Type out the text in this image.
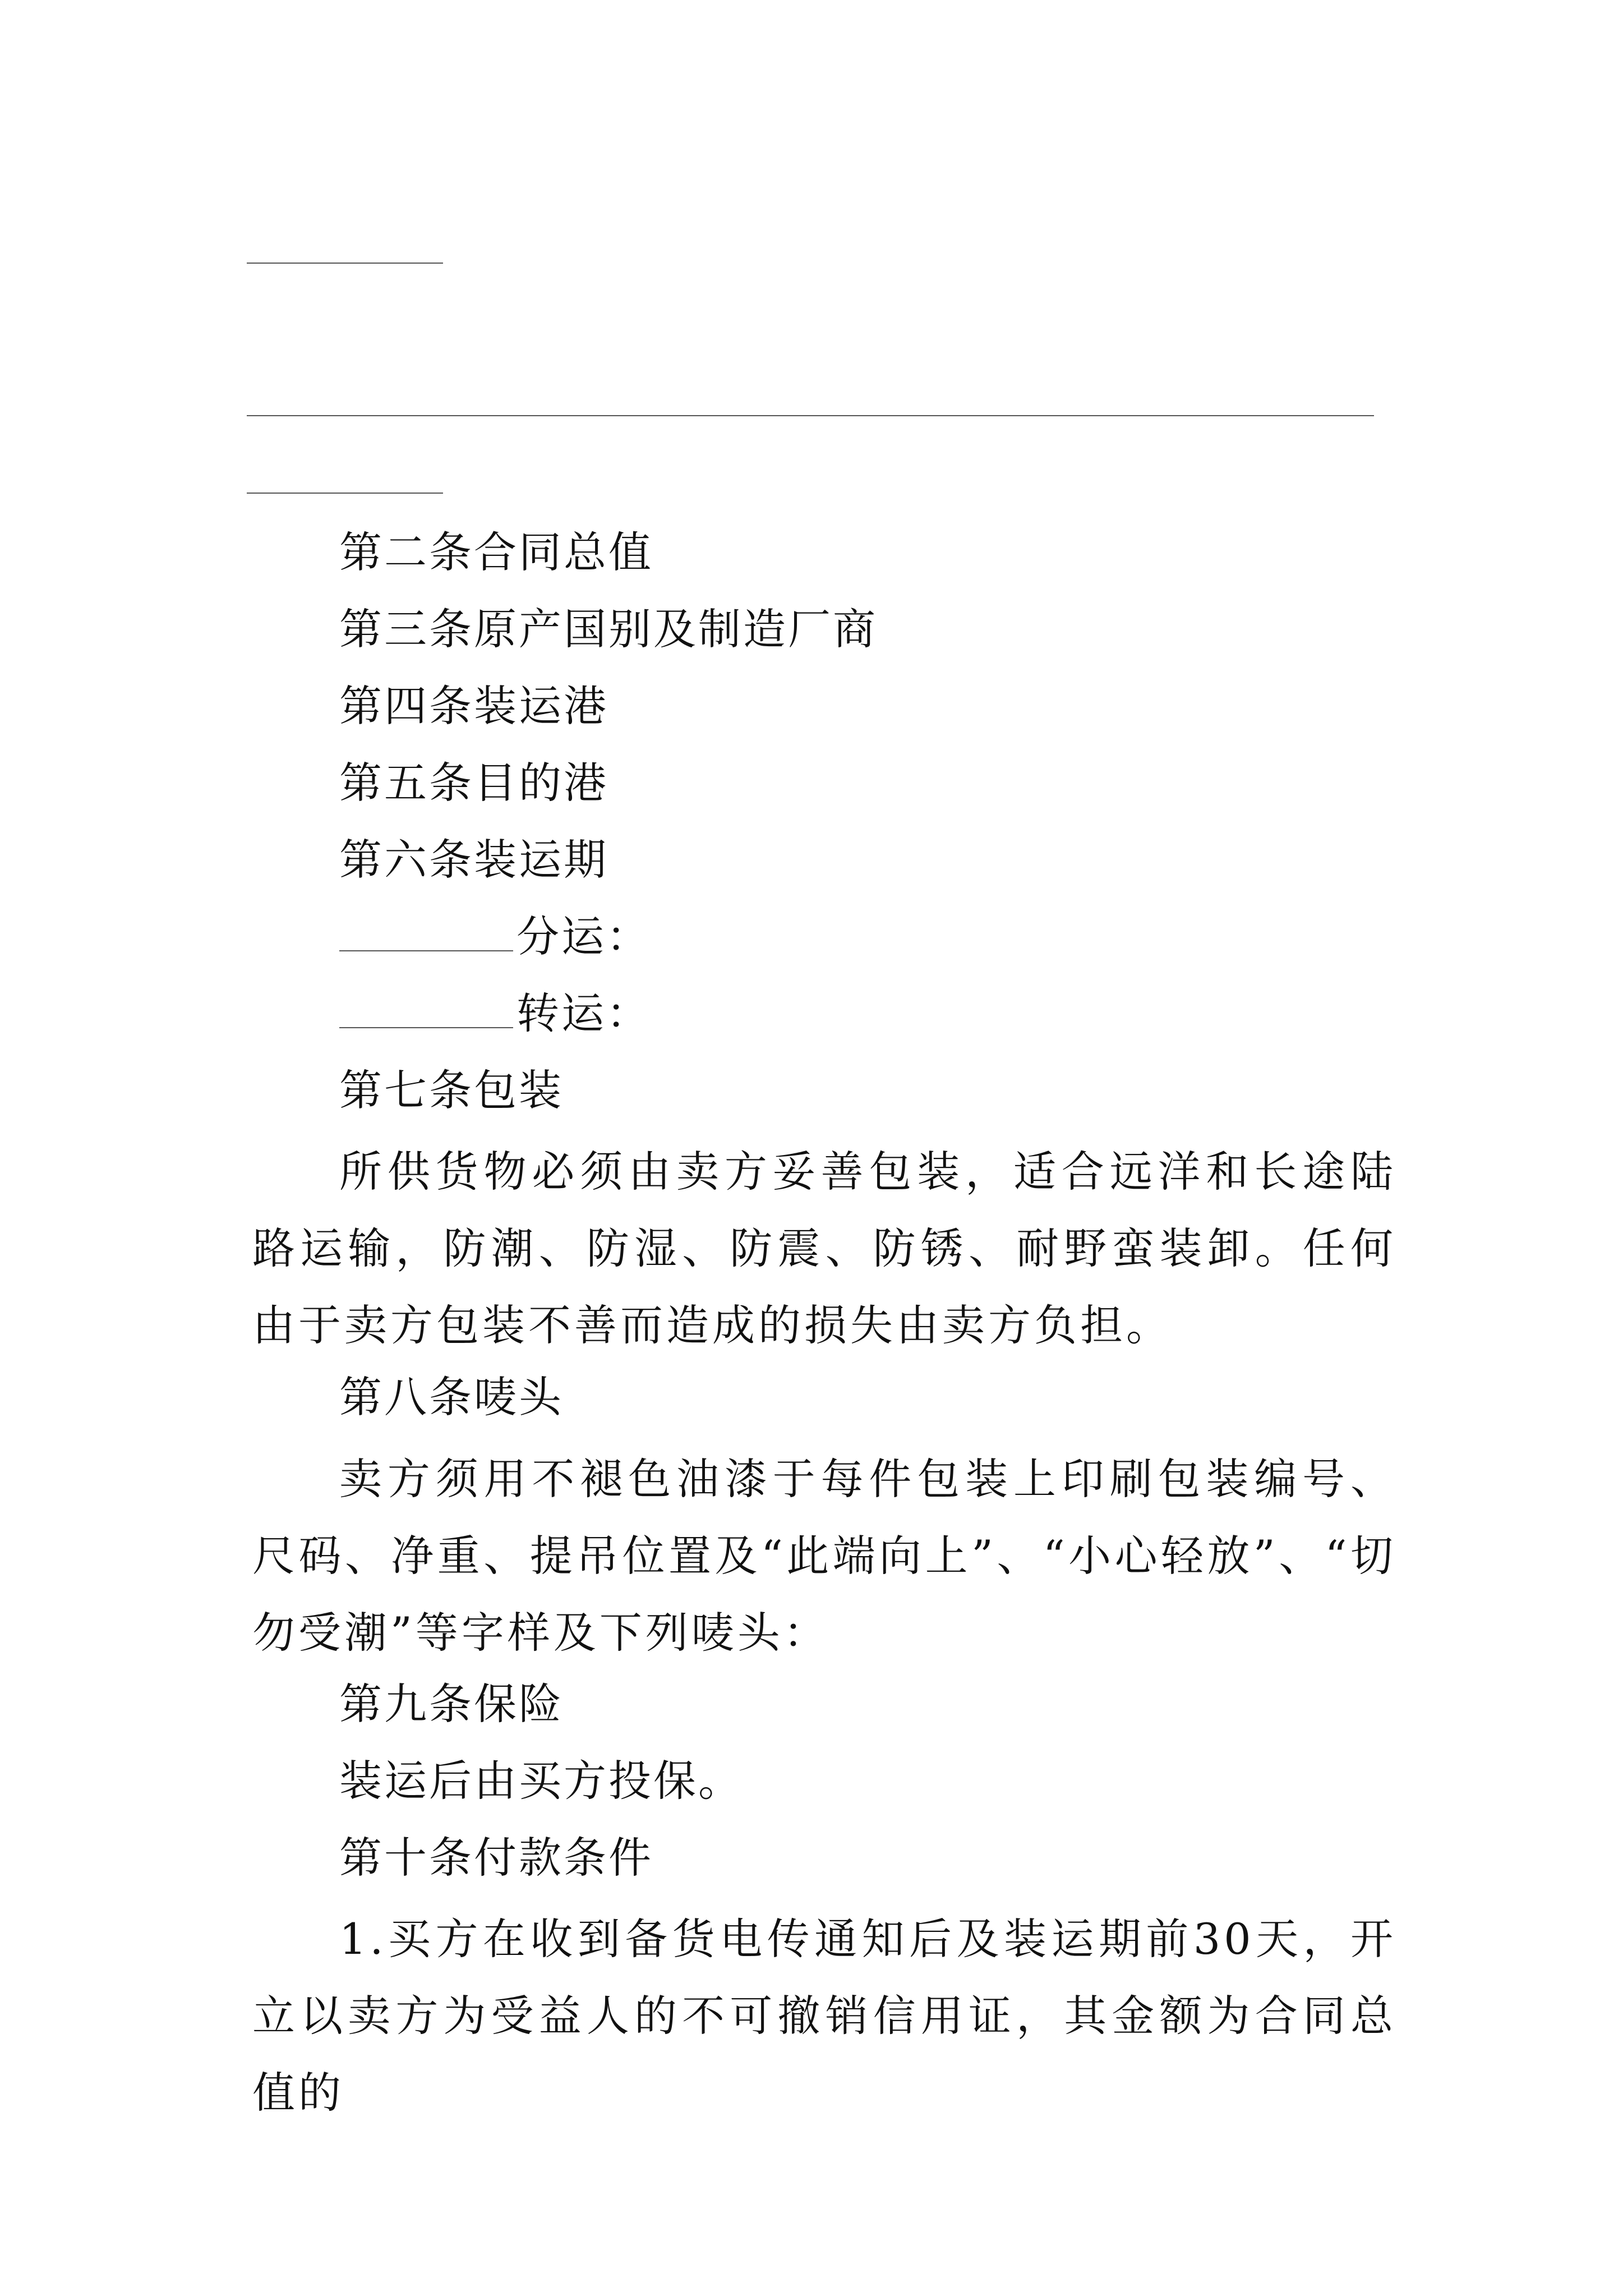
第二条合同总值
第三条原产国别及制造厂商
第四条装运港
第五条目的港
第六条装运期
分运：
转运：
第七条包装

所供货物必须由卖方妥善包装，适合远洋和长途陆路运输，防潮、防湿、防震、防锈、耐野蛮装卸。任何由于卖方包装不善而造成的损失由卖方负担。

第八条唛头

卖方须用不褪色油漆于每件包装上印刷包装编号、尺码、净重、提吊位置及“此端向上”、“小心轻放”、“切勿受潮”等字样及下列唛头：

第九条保险
装运后由买方投保。
第十条付款条件

1.买方在收到备货电传通知后及装运期前30天，开立以卖方为受益人的不可撤销信用证，其金额为合同总值的
